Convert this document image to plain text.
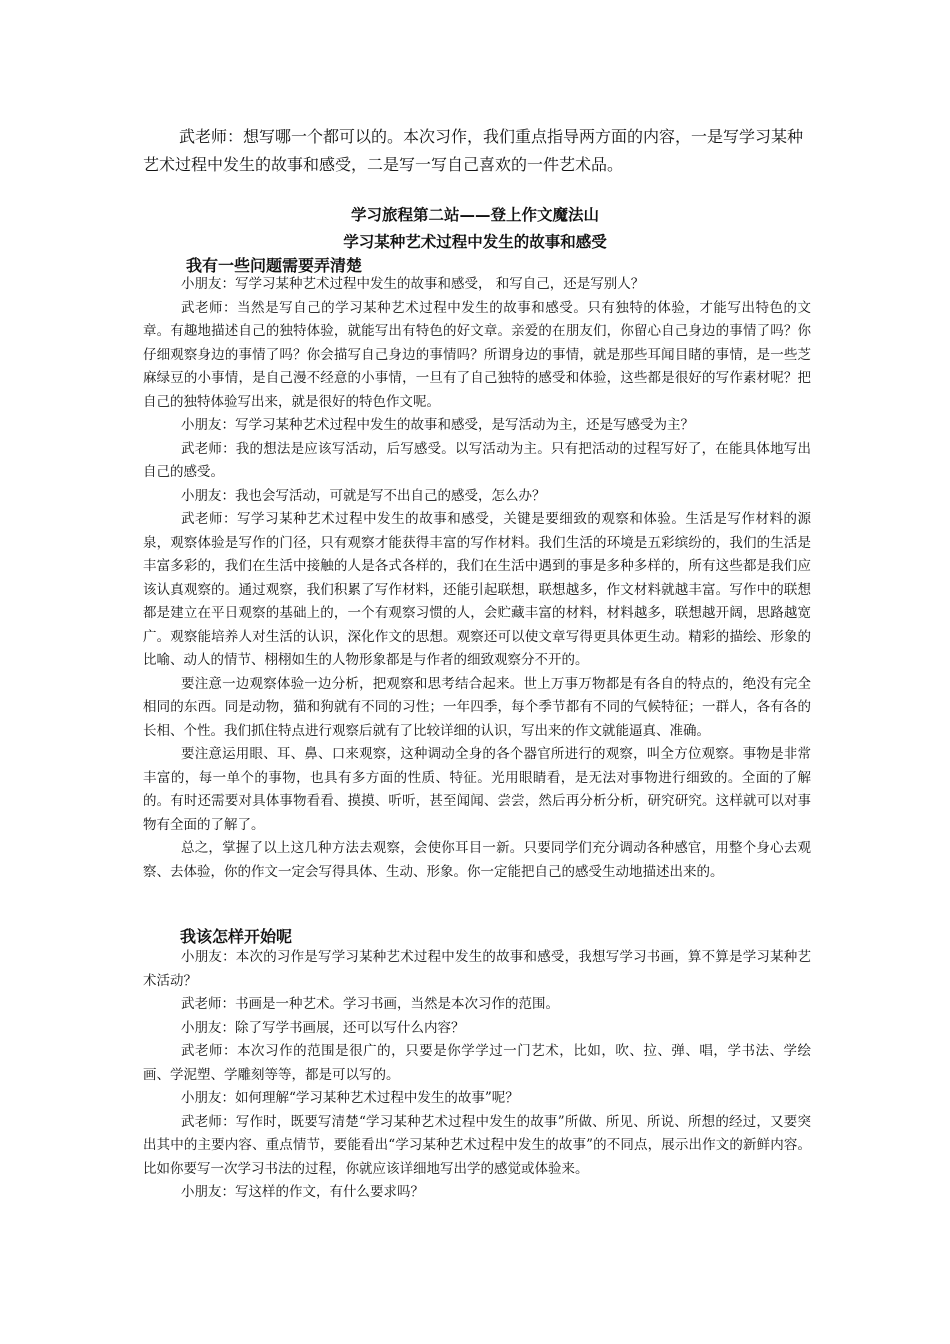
武老师：想写哪一个都可以的。本次习作，我们重点指导两方面的内容，一是写学习某种艺术过程中发生的故事和感受，二是写一写自己喜欢的一件艺术品。

学习旅程第二站——登上作文魔法山

学习某种艺术过程中发生的故事和感受

我有一些问题需要弄清楚

小朋友：写学习某种艺术过程中发生的故事和感受， 和写自己，还是写别人？

武老师：当然是写自己的学习某种艺术过程中发生的故事和感受。只有独特的体验，才能写出特色的文章。有趣地描述自己的独特体验，就能写出有特色的好文章。亲爱的在朋友们，你留心自己身边的事情了吗？你仔细观察身边的事情了吗？你会描写自己身边的事情吗？所谓身边的事情，就是那些耳闻目睹的事情，是一些芝麻绿豆的小事情，是自己漫不经意的小事情，一旦有了自己独特的感受和体验，这些都是很好的写作素材呢？把自己的独特体验写出来，就是很好的特色作文呢。

小朋友：写学习某种艺术过程中发生的故事和感受，是写活动为主，还是写感受为主？

武老师：我的想法是应该写活动，后写感受。以写活动为主。只有把活动的过程写好了，在能具体地写出自己的感受。

小朋友：我也会写活动，可就是写不出自己的感受，怎么办？

武老师：写学习某种艺术过程中发生的故事和感受，关键是要细致的观察和体验。生活是写作材料的源泉，观察体验是写作的门径，只有观察才能获得丰富的写作材料。我们生活的环境是五彩缤纷的，我们的生活是丰富多彩的，我们在生活中接触的人是各式各样的，我们在生活中遇到的事是多种多样的，所有这些都是我们应该认真观察的。通过观察，我们积累了写作材料，还能引起联想，联想越多，作文材料就越丰富。写作中的联想都是建立在平日观察的基础上的，一个有观察习惯的人，会贮藏丰富的材料，材料越多，联想越开阔，思路越宽广。观察能培养人对生活的认识，深化作文的思想。观察还可以使文章写得更具体更生动。精彩的描绘、形象的比喻、动人的情节、栩栩如生的人物形象都是与作者的细致观察分不开的。

要注意一边观察体验一边分析，把观察和思考结合起来。世上万事万物都是有各自的特点的，绝没有完全相同的东西。同是动物，猫和狗就有不同的习性；一年四季，每个季节都有不同的气候特征；一群人，各有各的长相、个性。我们抓住特点进行观察后就有了比较详细的认识，写出来的作文就能逼真、准确。

要注意运用眼、耳、鼻、口来观察，这种调动全身的各个器官所进行的观察，叫全方位观察。事物是非常丰富的，每一单个的事物，也具有多方面的性质、特征。光用眼睛看，是无法对事物进行细致的。全面的了解的。有时还需要对具体事物看看、摸摸、听听，甚至闻闻、尝尝，然后再分析分析，研究研究。这样就可以对事物有全面的了解了。

总之，掌握了以上这几种方法去观察，会使你耳目一新。只要同学们充分调动各种感官，用整个身心去观察、去体验，你的作文一定会写得具体、生动、形象。你一定能把自己的感受生动地描述出来的。

我该怎样开始呢

小朋友：本次的习作是写学习某种艺术过程中发生的故事和感受，我想写学习书画，算不算是学习某种艺术活动？

武老师：书画是一种艺术。学习书画，当然是本次习作的范围。

小朋友：除了写学书画展，还可以写什么内容？

武老师：本次习作的范围是很广的，只要是你学学过一门艺术，比如，吹、拉、弹、唱，学书法、学绘画、学泥塑、学雕刻等等，都是可以写的。

小朋友：如何理解“学习某种艺术过程中发生的故事”呢？

武老师：写作时，既要写清楚“学习某种艺术过程中发生的故事”所做、所见、所说、所想的经过，又要突出其中的主要内容、重点情节，要能看出“学习某种艺术过程中发生的故事”的不同点，展示出作文的新鲜内容。比如你要写一次学习书法的过程，你就应该详细地写出学的感觉或体验来。

小朋友：写这样的作文，有什么要求吗？
